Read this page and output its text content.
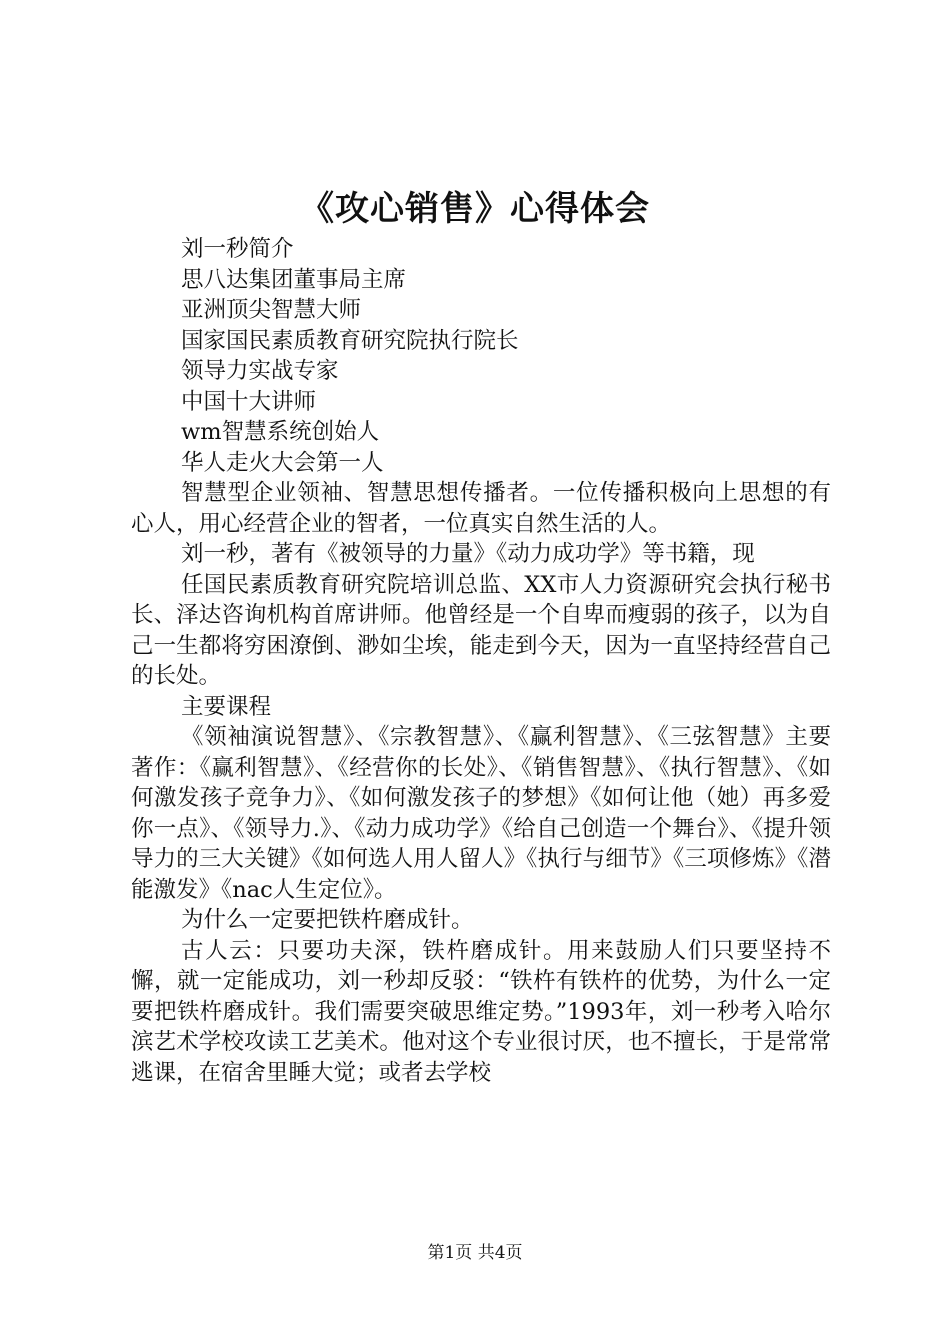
《攻心销售》心得体会

刘一秒简介

思八达集团董事局主席

亚洲顶尖智慧大师

国家国民素质教育研究院执行院长

领导力实战专家

中国十大讲师

wm智慧系统创始人

华人走火大会第一人

智慧型企业领袖、智慧思想传播者。一位传播积极向上思想的有心人，用心经营企业的智者，一位真实自然生活的人。

刘一秒，著有《被领导的力量》《动力成功学》等书籍，现

任国民素质教育研究院培训总监、XX市人力资源研究会执行秘书长、泽达咨询机构首席讲师。他曾经是一个自卑而瘦弱的孩子，以为自己一生都将穷困潦倒、渺如尘埃，能走到今天，因为一直坚持经营自己的长处。

主要课程

《领袖演说智慧》、《宗教智慧》、《赢利智慧》、《三弦智慧》主要著作：《赢利智慧》、《经营你的长处》、《销售智慧》、《执行智慧》、《如何激发孩子竞争力》、《如何激发孩子的梦想》《如何让他（她）再多爱你一点》、《领导力.》、《动力成功学》《给自己创造一个舞台》、《提升领导力的三大关键》《如何选人用人留人》《执行与细节》《三项修炼》《潜能激发》《nac人生定位》。

为什么一定要把铁杵磨成针。

古人云：只要功夫深，铁杵磨成针。用来鼓励人们只要坚持不懈，就一定能成功，刘一秒却反驳：“铁杵有铁杵的优势，为什么一定要把铁杵磨成针。我们需要突破思维定势。”1993年，刘一秒考入哈尔滨艺术学校攻读工艺美术。他对这个专业很讨厌，也不擅长，于是常常逃课，在宿舍里睡大觉；或者去学校

第1页 共4页
